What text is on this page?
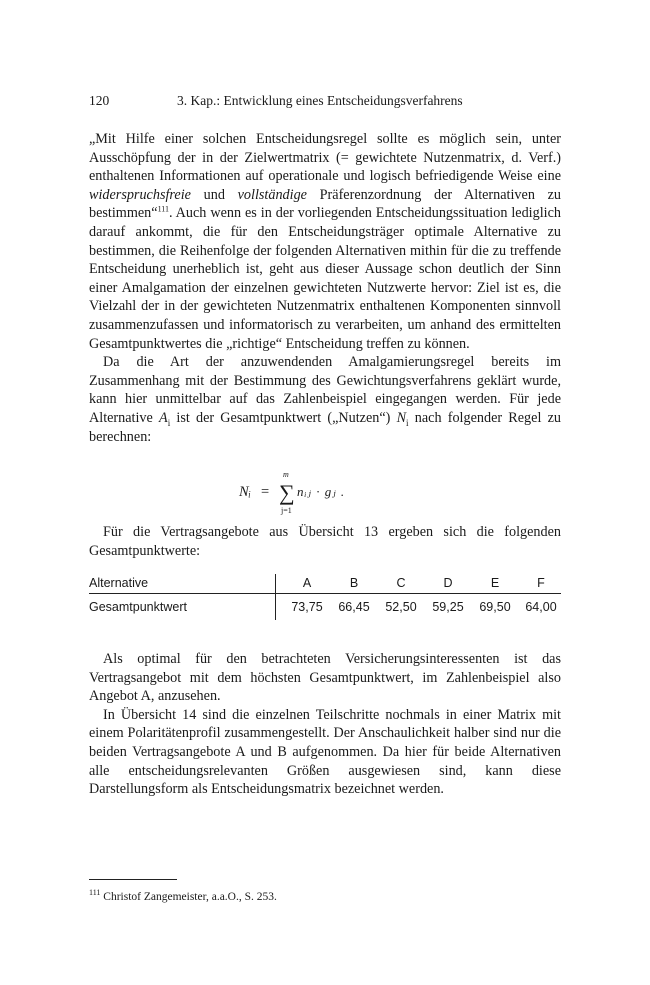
120	3. Kap.: Entwicklung eines Entscheidungsverfahrens

„Mit Hilfe einer solchen Entscheidungsregel sollte es möglich sein, unter Ausschöpfung der in der Zielwertmatrix (= gewichtete Nutzenmatrix, d. Verf.) enthaltenen Informationen auf operationale und logisch befriedigende Weise eine widerspruchsfreie und vollständige Präferenzordnung der Alternativen zu bestimmen“$^{111}$. Auch wenn es in der vorliegenden Entscheidungssituation lediglich darauf ankommt, die für den Entscheidungsträger optimale Alternative zu bestimmen, die Reihenfolge der folgenden Alternativen mithin für die zu treffende Entscheidung unerheblich ist, geht aus dieser Aussage schon deutlich der Sinn einer Amalgamation der einzelnen gewichteten Nutzwerte hervor: Ziel ist es, die Vielzahl der in der gewichteten Nutzenmatrix enthaltenen Komponenten sinnvoll zusammenzufassen und informatorisch zu verarbeiten, um anhand des ermittelten Gesamtpunktwertes die „richtige“ Entscheidung treffen zu können.

Da die Art der anzuwendenden Amalgamierungsregel bereits im Zusammenhang mit der Bestimmung des Gewichtungsverfahrens geklärt wurde, kann hier unmittelbar auf das Zahlenbeispiel eingegangen werden. Für jede Alternative $A_i$ ist der Gesamtpunktwert („Nutzen“) $N_i$ nach folgender Regel zu berechnen:

Nᵢ =
m
∑
j=1
nᵢⱼ · gⱼ .

Für die Vertragsangebote aus Übersicht 13 ergeben sich die folgenden Gesamtpunktwerte:

Alternative	A	B	C	D	E	F
Gesamtpunktwert	73,75	66,45	52,50	59,25	69,50	64,00

Als optimal für den betrachteten Versicherungsinteressenten ist das Vertragsangebot mit dem höchsten Gesamtpunktwert, im Zahlenbeispiel also Angebot A, anzusehen.

In Übersicht 14 sind die einzelnen Teilschritte nochmals in einer Matrix mit einem Polaritätenprofil zusammengestellt. Der Anschaulichkeit halber sind nur die beiden Vertragsangebote A und B aufgenommen. Da hier für beide Alternativen alle entscheidungsrelevanten Größen ausgewiesen sind, kann diese Darstellungsform als Entscheidungsmatrix bezeichnet werden.

$^{111}$ Christof Zangemeister, a.a.O., S. 253.
